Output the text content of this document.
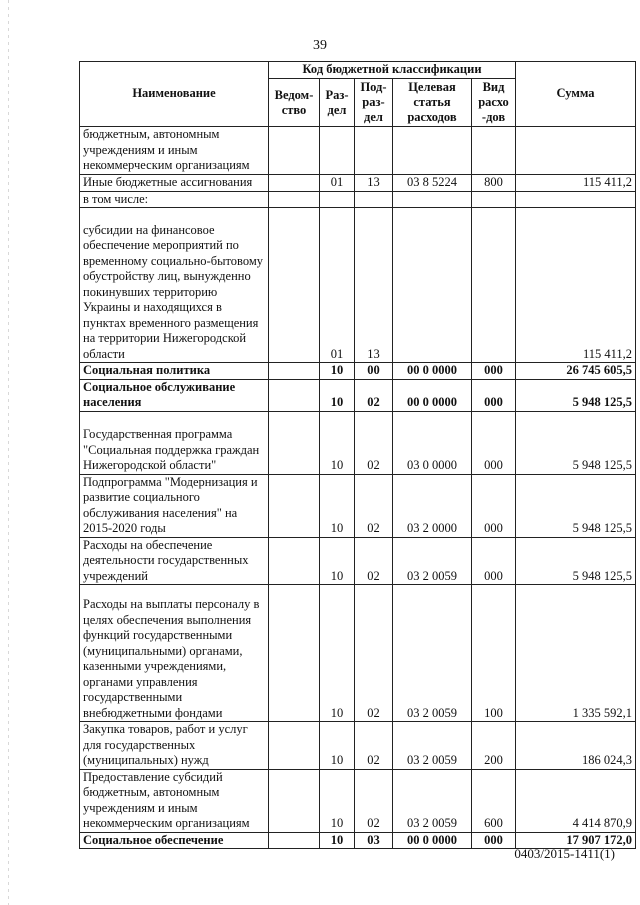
39
Наименование	Код бюджетной классификации					Сумма
	Ведом-ство	Раз-дел	Под-раз-дел	Целевая статья расходов	Вид расхо -дов	
бюджетным, автономным учреждениям и иным некоммерческим организациям						
Иные бюджетные ассигнования		01	13	03 8 5224	800	115 411,2
в том числе:						
субсидии на финансовое обеспечение мероприятий по временному социально-бытовому обустройству лиц, вынужденно покинувших территорию Украины и находящихся в пунктах временного размещения на территории Нижегородской области		01	13			115 411,2
Социальная политика		10	00	00 0 0000	000	26 745 605,5
Социальное обслуживание населения		10	02	00 0 0000	000	5 948 125,5
Государственная программа "Социальная поддержка граждан Нижегородской области"		10	02	03 0 0000	000	5 948 125,5
Подпрограмма "Модернизация и развитие социального обслуживания населения" на 2015-2020 годы		10	02	03 2 0000	000	5 948 125,5
Расходы на обеспечение деятельности государственных учреждений		10	02	03 2 0059	000	5 948 125,5
Расходы на выплаты персоналу в целях обеспечения выполнения функций государственными (муниципальными) органами, казенными учреждениями, органами управления государственными внебюджетными фондами		10	02	03 2 0059	100	1 335 592,1
Закупка товаров, работ и услуг для государственных (муниципальных) нужд		10	02	03 2 0059	200	186 024,3
Предоставление субсидий бюджетным, автономным учреждениям и иным некоммерческим организациям		10	02	03 2 0059	600	4 414 870,9
Социальное обеспечение		10	03	00 0 0000	000	17 907 172,0
0403/2015-1411(1)
